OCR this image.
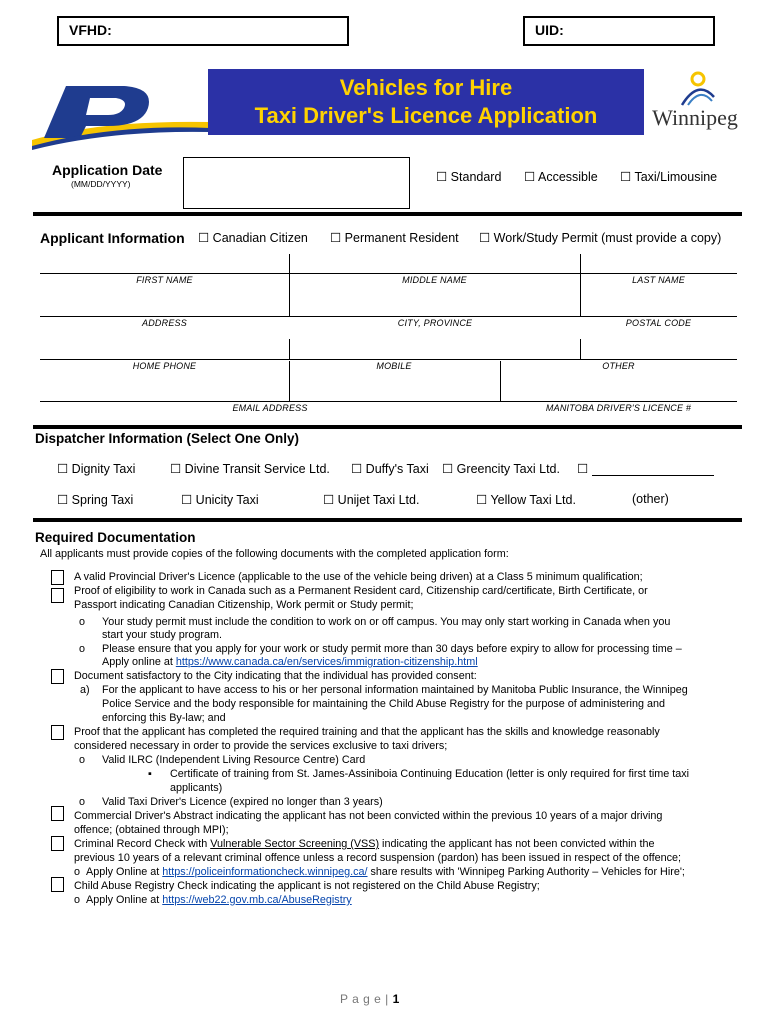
VFHD:	UID:
Vehicles for Hire
Taxi Driver's Licence Application	Winnipeg
Application Date
(MM/DD/YYYY)	☐ Standard ☐ Accessible ☐ Taxi/Limousine
Applicant Information ☐ Canadian Citizen ☐ Permanent Resident ☐ Work/Study Permit (must provide a copy)
FIRST NAME	MIDDLE NAME	LAST NAME
ADDRESS	CITY, PROVINCE	POSTAL CODE
HOME PHONE	MOBILE	OTHER
EMAIL ADDRESS	MANITOBA DRIVER'S LICENCE #
Dispatcher Information (Select One Only)
☐ Dignity Taxi	☐ Divine Transit Service Ltd. ☐ Duffy's Taxi ☐ Greencity Taxi Ltd. ☐
☐ Spring Taxi	☐ Unicity Taxi	☐ Unijet Taxi Ltd.	☐ Yellow Taxi Ltd.	(other)
Required Documentation
All applicants must provide copies of the following documents with the completed application form:
A valid Provincial Driver's Licence (applicable to the use of the vehicle being driven) at a Class 5 minimum qualification;
Proof of eligibility to work in Canada such as a Permanent Resident card, Citizenship card/certificate, Birth Certificate, or
Passport indicating Canadian Citizenship, Work permit or Study permit;
o Your study permit must include the condition to work on or off campus. You may only start working in Canada when you
start your study program.
o Please ensure that you apply for your work or study permit more than 30 days before expiry to allow for processing time –
Apply online at https://www.canada.ca/en/services/immigration-citizenship.html
Document satisfactory to the City indicating that the individual has provided consent:
a) For the applicant to have access to his or her personal information maintained by Manitoba Public Insurance, the Winnipeg
Police Service and the body responsible for maintaining the Child Abuse Registry for the purpose of administering and
enforcing this By-law; and
Proof that the applicant has completed the required training and that the applicant has the skills and knowledge reasonably
considered necessary in order to provide the services exclusive to taxi drivers;
o Valid ILRC (Independent Living Resource Centre) Card
▪ Certificate of training from St. James-Assiniboia Continuing Education (letter is only required for first time taxi
applicants)
o Valid Taxi Driver's Licence (expired no longer than 3 years)
Commercial Driver's Abstract indicating the applicant has not been convicted within the previous 10 years of a major driving
offence; (obtained through MPI);
Criminal Record Check with Vulnerable Sector Screening (VSS) indicating the applicant has not been convicted within the
previous 10 years of a relevant criminal offence unless a record suspension (pardon) has been issued in respect of the offence;
o Apply Online at https://policeinformationcheck.winnipeg.ca/ share results with 'Winnipeg Parking Authority – Vehicles for Hire';
Child Abuse Registry Check indicating the applicant is not registered on the Child Abuse Registry;
o Apply Online at https://web22.gov.mb.ca/AbuseRegistry
P a g e | 1
